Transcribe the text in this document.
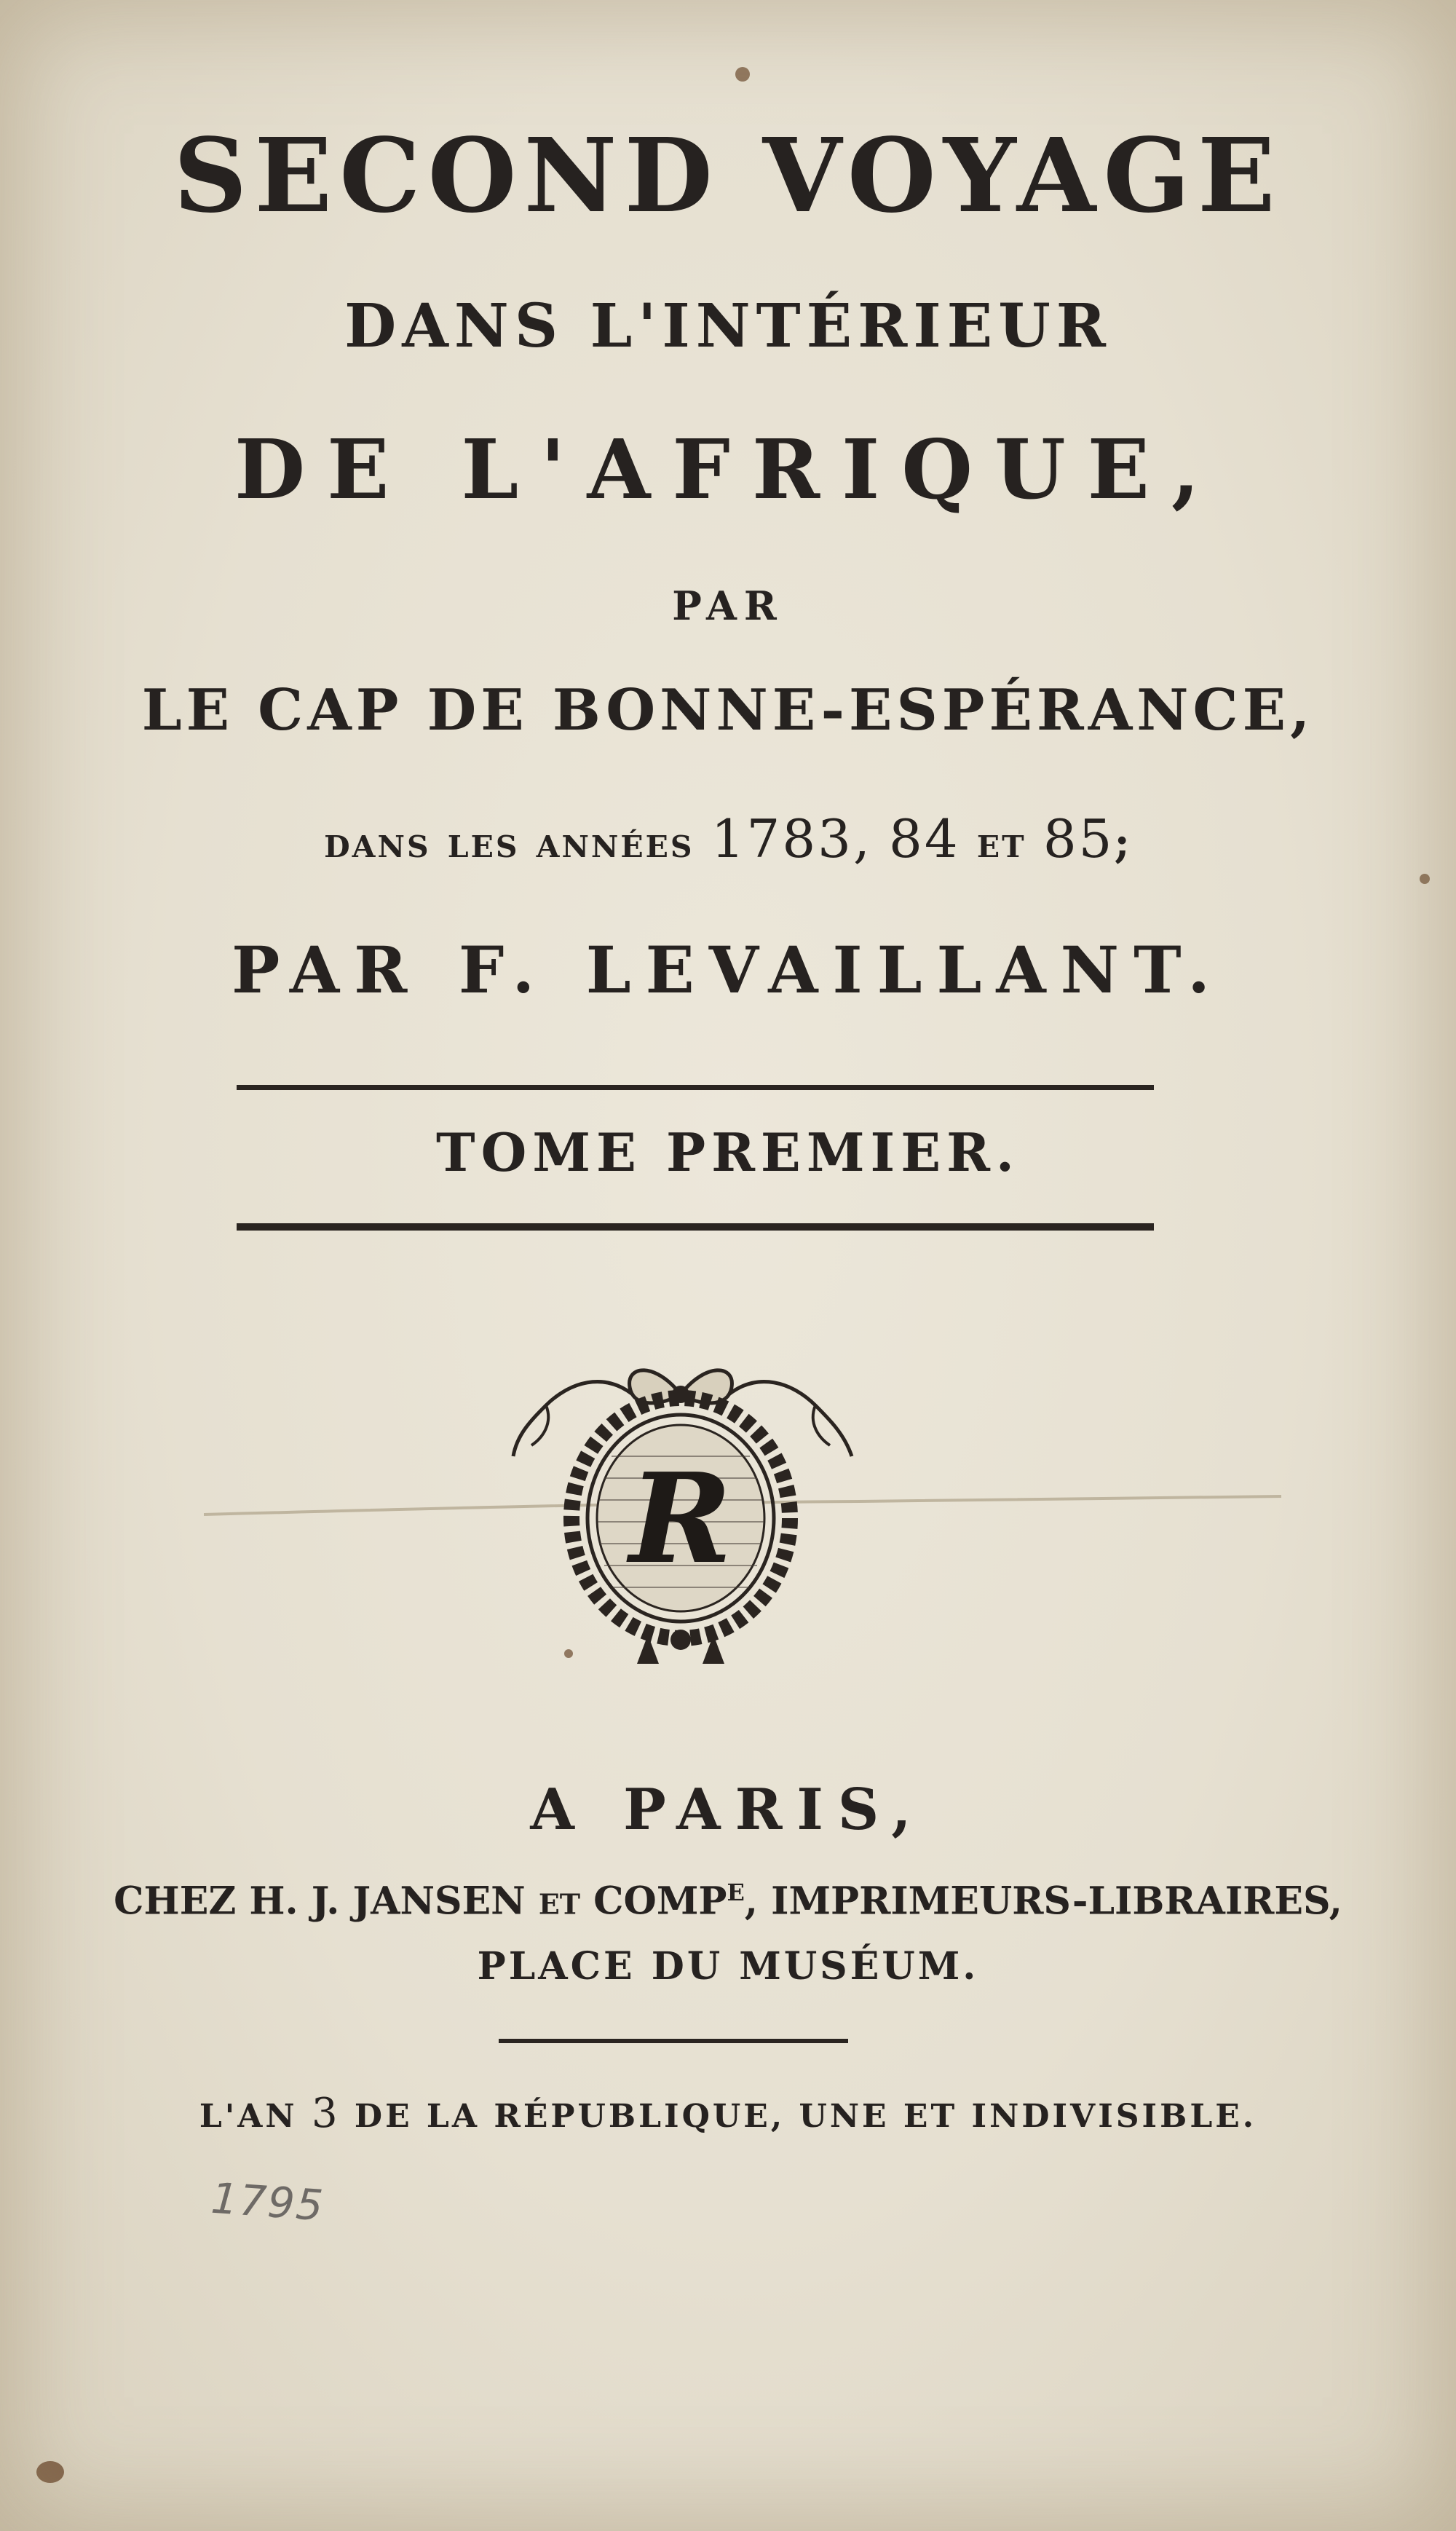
SECOND VOYAGE
DANS L'INTÉRIEUR
DE L'AFRIQUE,
PAR
LE CAP DE BONNE-ESPÉRANCE,
dans les années 1783, 84 et 85;
PAR F. LEVAILLANT.
TOME PREMIER.
R
A PARIS,
CHEZ H. J. JANSEN ET $COMP^E$, IMPRIMEURS-LIBRAIRES,
PLACE DU MUSÉUM.
L'AN 3 DE LA RÉPUBLIQUE, UNE ET INDIVISIBLE.
1795
